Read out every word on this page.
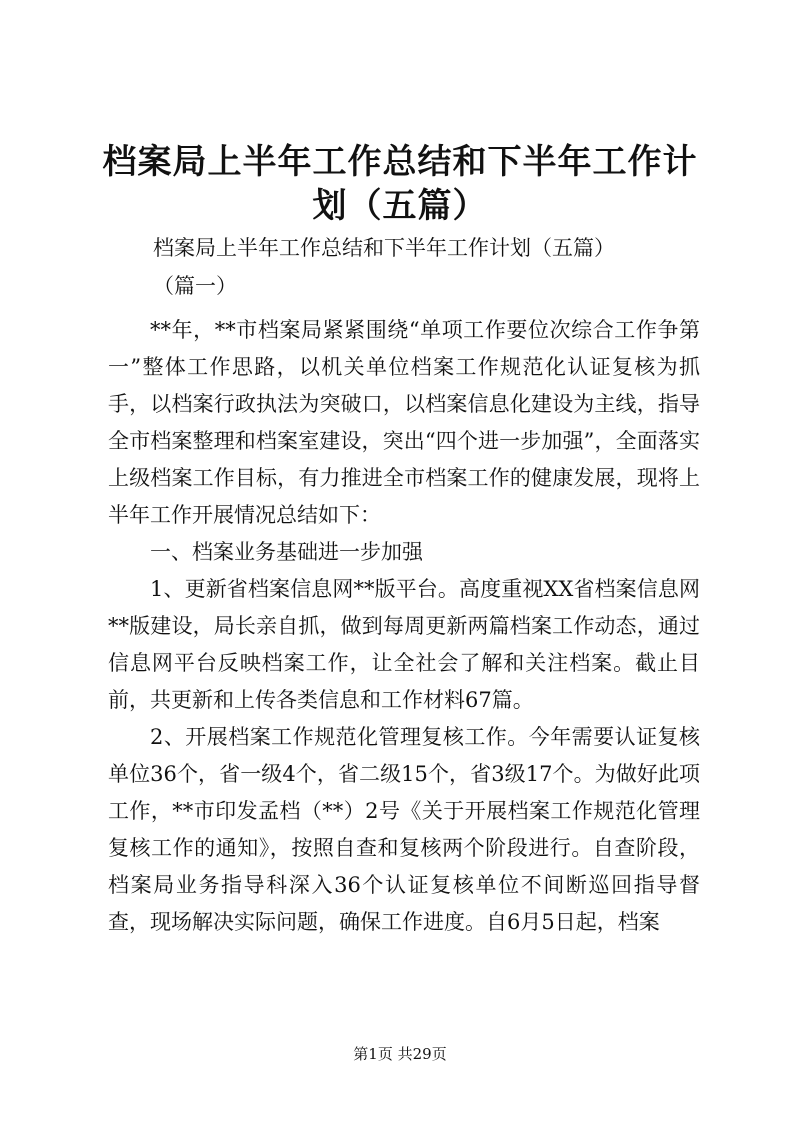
档案局上半年工作总结和下半年工作计划（五篇）
档案局上半年工作总结和下半年工作计划（五篇）
（篇一）

**年，**市档案局紧紧围绕“单项工作要位次综合工作争第一”整体工作思路，以机关单位档案工作规范化认证复核为抓手，以档案行政执法为突破口，以档案信息化建设为主线，指导全市档案整理和档案室建设，突出“四个进一步加强”，全面落实上级档案工作目标，有力推进全市档案工作的健康发展，现将上半年工作开展情况总结如下：

一、档案业务基础进一步加强

1、更新省档案信息网**版平台。高度重视XX省档案信息网**版建设，局长亲自抓，做到每周更新两篇档案工作动态，通过信息网平台反映档案工作，让全社会了解和关注档案。截止目前，共更新和上传各类信息和工作材料67篇。

2、开展档案工作规范化管理复核工作。今年需要认证复核单位36个，省一级4个，省二级15个，省3级17个。为做好此项工作，**市印发孟档（**）2号《关于开展档案工作规范化管理复核工作的通知》，按照自查和复核两个阶段进行。自查阶段，档案局业务指导科深入36个认证复核单位不间断巡回指导督查，现场解决实际问题，确保工作进度。自6月5日起，档案

第1页 共29页
